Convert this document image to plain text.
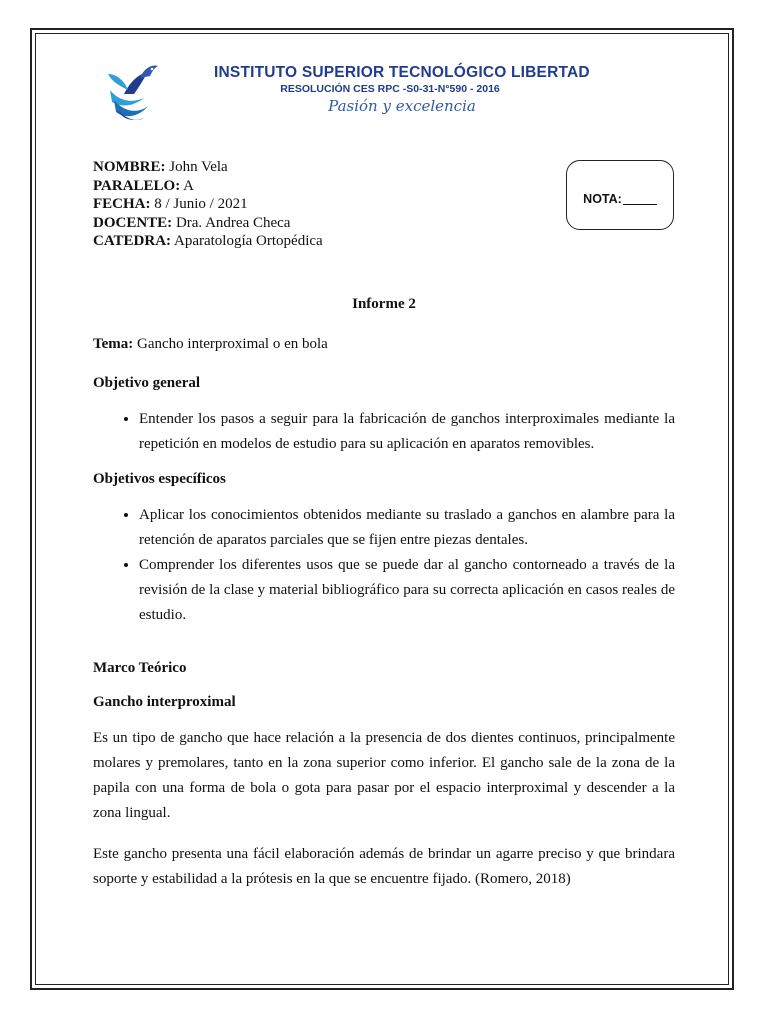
INSTITUTO SUPERIOR TECNOLÓGICO LIBERTAD
RESOLUCIÓN CES RPC -S0-31-N°590 - 2016
Pasión y excelencia
NOMBRE: John Vela
PARALELO: A
FECHA: 8 / Junio / 2021
DOCENTE: Dra. Andrea Checa
CATEDRA: Aparatología Ortopédica
NOTA:
Informe 2

Tema: Gancho interproximal o en bola

Objetivo general
• Entender los pasos a seguir para la fabricación de ganchos interproximales mediante la repetición en modelos de estudio para su aplicación en aparatos removibles.
Objetivos específicos
• Aplicar los conocimientos obtenidos mediante su traslado a ganchos en alambre para la retención de aparatos parciales que se fijen entre piezas dentales.
• Comprender los diferentes usos que se puede dar al gancho contorneado a través de la revisión de la clase y material bibliográfico para su correcta aplicación en casos reales de estudio.
Marco Teórico
Gancho interproximal

Es un tipo de gancho que hace relación a la presencia de dos dientes continuos, principalmente molares y premolares, tanto en la zona superior como inferior. El gancho sale de la zona de la papila con una forma de bola o gota para pasar por el espacio interproximal y descender a la zona lingual.

Este gancho presenta una fácil elaboración además de brindar un agarre preciso y que brindara soporte y estabilidad a la prótesis en la que se encuentre fijado. (Romero, 2018)
